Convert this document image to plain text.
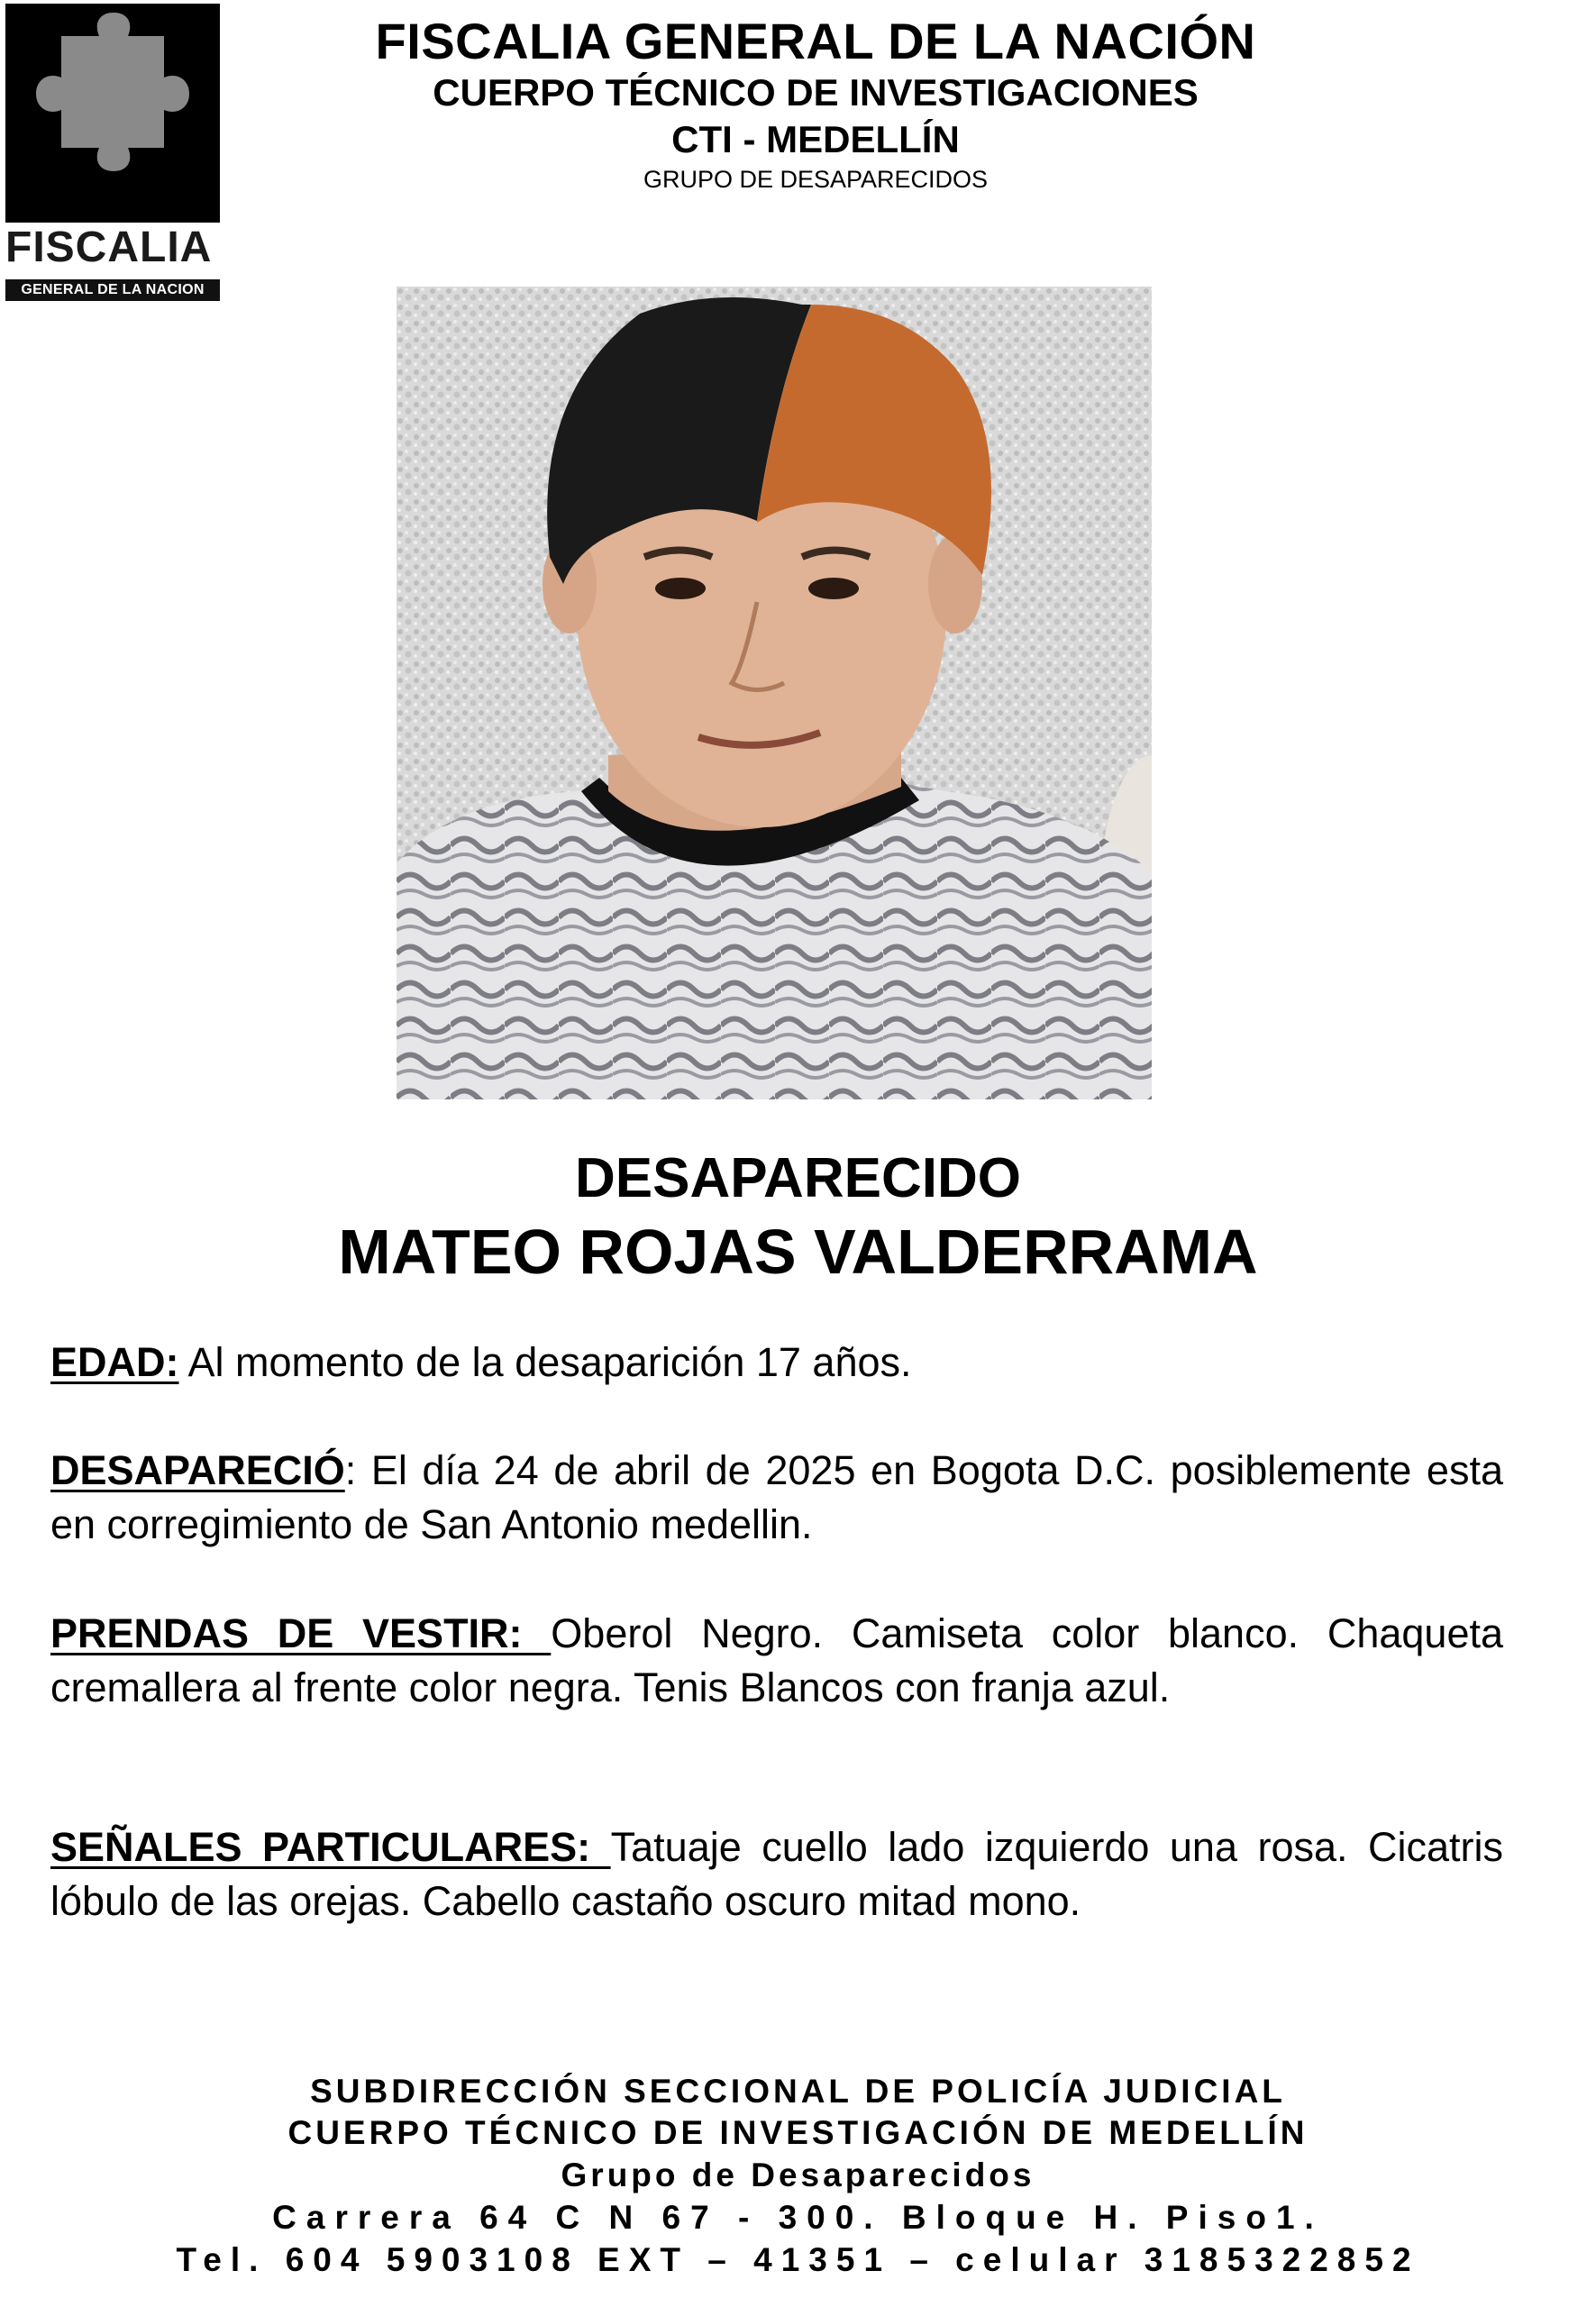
FISCALIA
GENERAL DE LA NACION
FISCALIA GENERAL DE LA NACIÓN
CUERPO TÉCNICO DE INVESTIGACIONES
CTI - MEDELLÍN
GRUPO DE DESAPARECIDOS
DESAPARECIDO
MATEO ROJAS VALDERRAMA
EDAD: Al momento de la desaparición 17 años.
DESAPARECIÓ: El día 24 de abril de 2025 en Bogota D.C. posiblemente esta en corregimiento de San Antonio medellin.
PRENDAS DE VESTIR: Oberol Negro. Camiseta color blanco. Chaqueta cremallera al frente color negra. Tenis Blancos con franja azul.
SEÑALES PARTICULARES: Tatuaje cuello lado izquierdo una rosa. Cicatris lóbulo de las orejas. Cabello castaño oscuro mitad mono.
SUBDIRECCIÓN SECCIONAL DE POLICÍA JUDICIAL
CUERPO TÉCNICO DE INVESTIGACIÓN DE MEDELLÍN
Grupo de Desaparecidos
Carrera 64 C N 67 - 300. Bloque H. Piso1.
Tel. 604 5903108 EXT – 41351 – celular 3185322852
